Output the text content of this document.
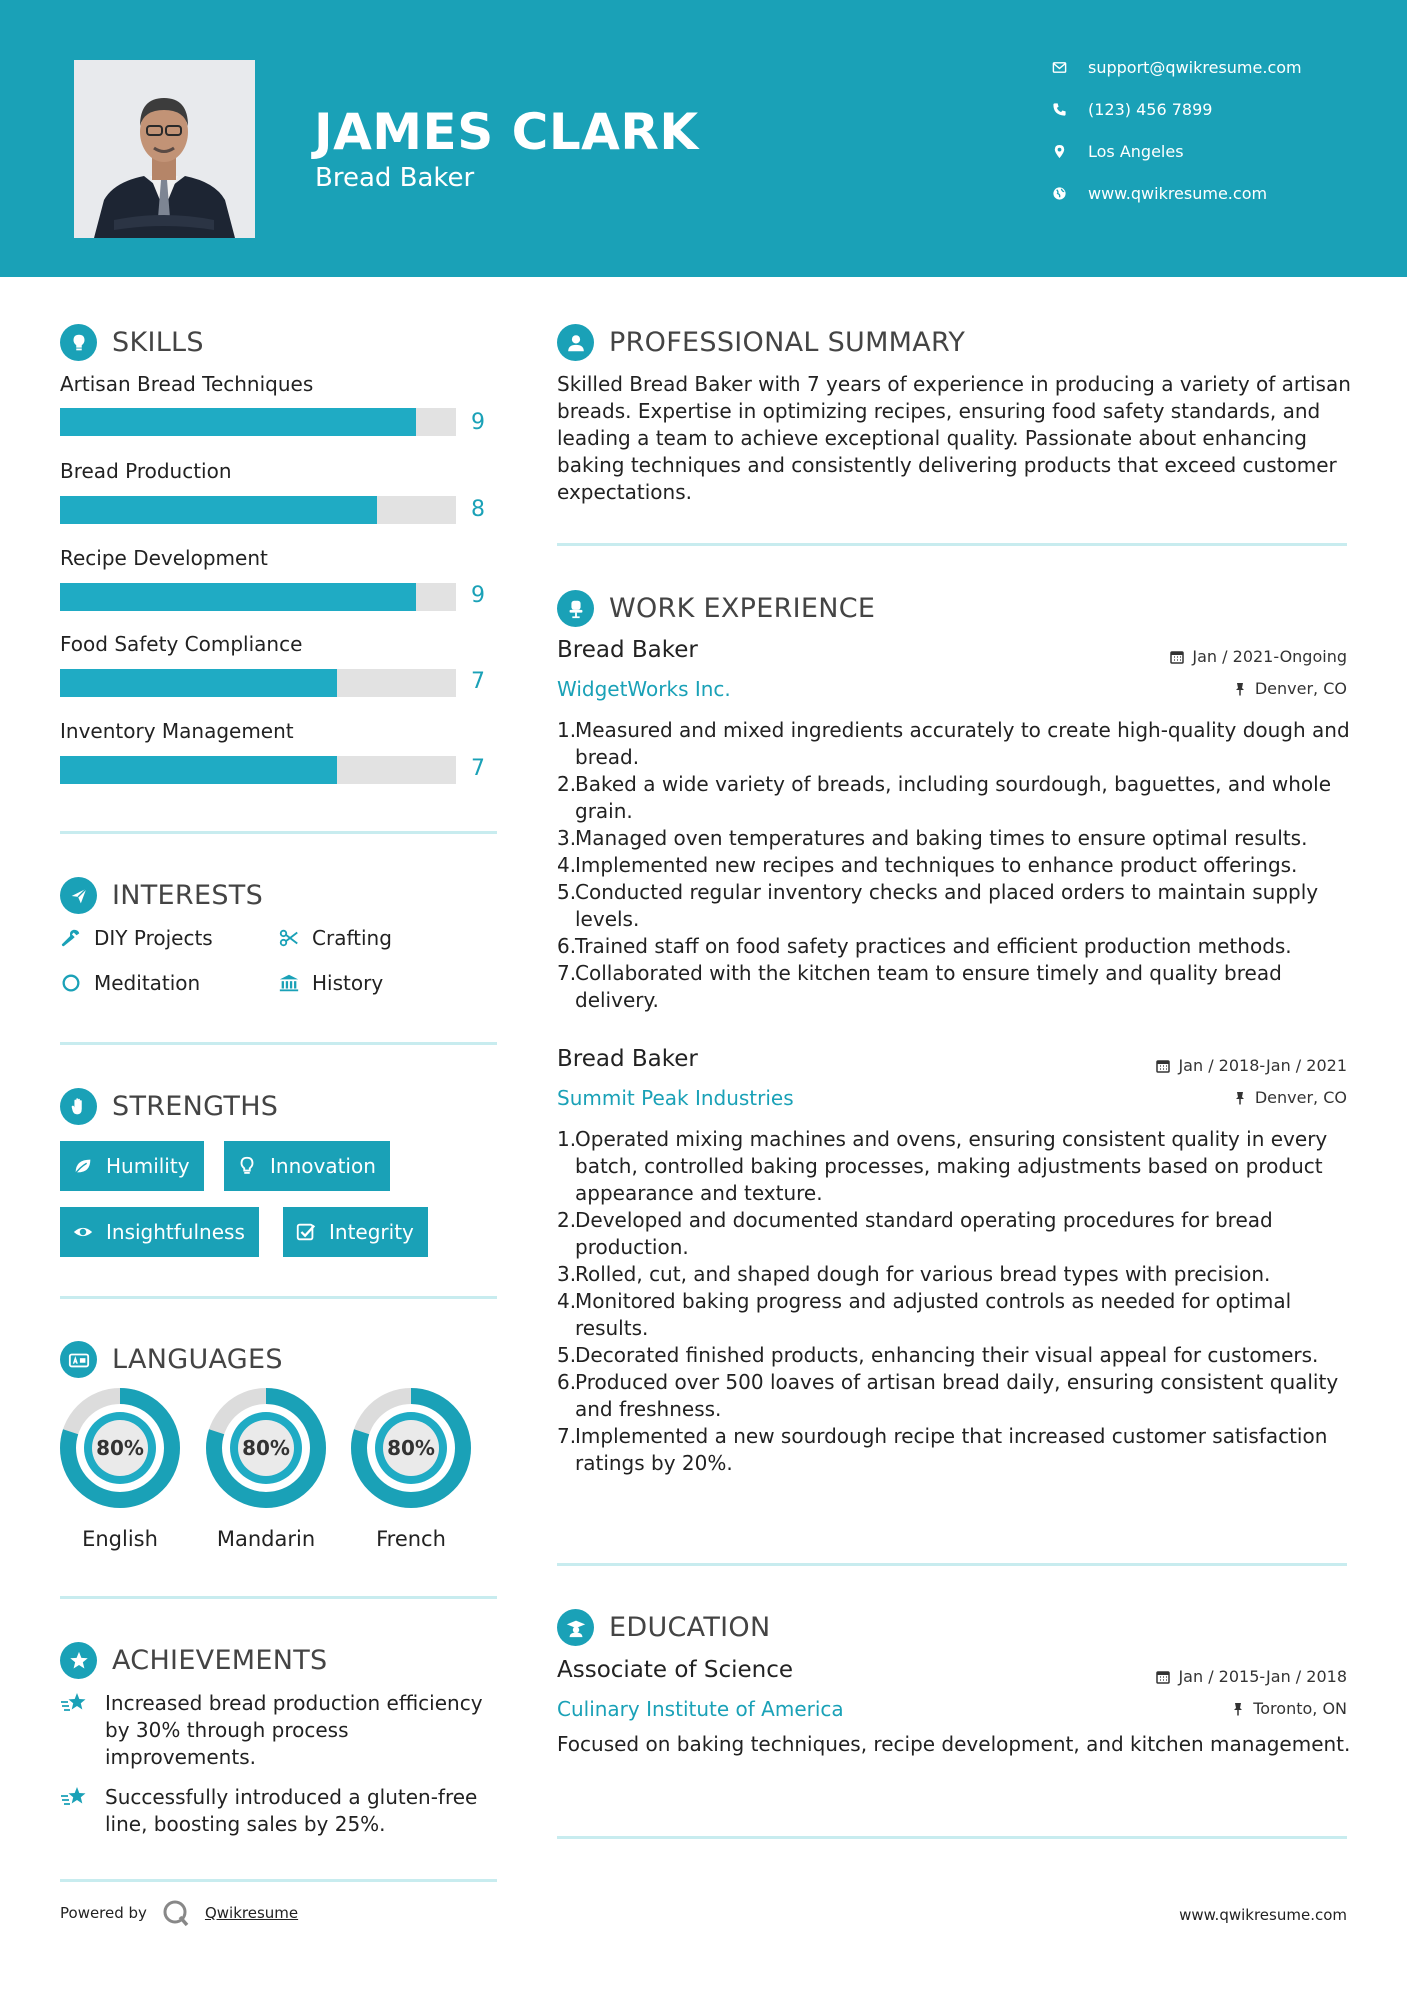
JAMES CLARK
Bread Baker
support@qwikresume.com
(123) 456 7899
Los Angeles
www.qwikresume.com
SKILLS
Artisan Bread Techniques
9
Bread Production
8
Recipe Development
9
Food Safety Compliance
7
Inventory Management
7
INTERESTS
DIY Projects	Crafting
Meditation	History
STRENGTHS
Humility	Innovation
Insightfulness	Integrity
LANGUAGES
80%
English
80%
Mandarin
80%
French
ACHIEVEMENTS
Increased bread production efficiency by 30% through process improvements.
Successfully introduced a gluten-free line, boosting sales by 25%.
PROFESSIONAL SUMMARY
Skilled Bread Baker with 7 years of experience in producing a variety of artisan breads. Expertise in optimizing recipes, ensuring food safety standards, and leading a team to achieve exceptional quality. Passionate about enhancing baking techniques and consistently delivering products that exceed customer expectations.
WORK EXPERIENCE
Bread Baker	Jan / 2021-Ongoing
WidgetWorks Inc.	Denver, CO
1.
Measured and mixed ingredients accurately to create high-quality dough and bread.
2.
Baked a wide variety of breads, including sourdough, baguettes, and whole grain.
3.
Managed oven temperatures and baking times to ensure optimal results.
4.
Implemented new recipes and techniques to enhance product offerings.
5.
Conducted regular inventory checks and placed orders to maintain supply levels.
6.
Trained staff on food safety practices and efficient production methods.
7.
Collaborated with the kitchen team to ensure timely and quality bread delivery.
Bread Baker	Jan / 2018-Jan / 2021
Summit Peak Industries	Denver, CO
1.
Operated mixing machines and ovens, ensuring consistent quality in every batch, controlled baking processes, making adjustments based on product appearance and texture.
2.
Developed and documented standard operating procedures for bread production.
3.
Rolled, cut, and shaped dough for various bread types with precision.
4.
Monitored baking progress and adjusted controls as needed for optimal results.
5.
Decorated finished products, enhancing their visual appeal for customers.
6.
Produced over 500 loaves of artisan bread daily, ensuring consistent quality and freshness.
7.
Implemented a new sourdough recipe that increased customer satisfaction ratings by 20%.
EDUCATION
Associate of Science	Jan / 2015-Jan / 2018
Culinary Institute of America	Toronto, ON
Focused on baking techniques, recipe development, and kitchen management.
Powered by	Qwikresume	www.qwikresume.com
